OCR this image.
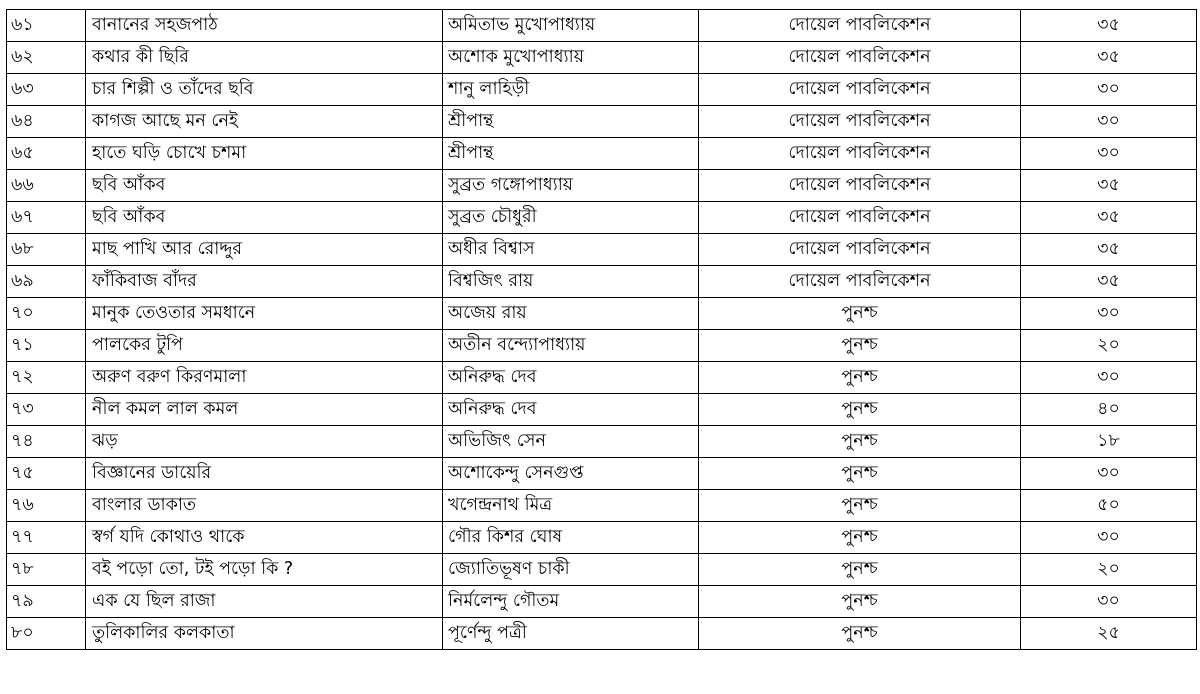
৬১	বানানের সহজপাঠ	অমিতাভ মুখোপাধ্যায়	দোয়েল পাবলিকেশন	৩৫
৬২	কথার কী ছিরি	অশোক মুখোপাধ্যায়	দোয়েল পাবলিকেশন	৩৫
৬৩	চার শিল্পী ও তাঁদের ছবি	শানু লাহিড়ী	দোয়েল পাবলিকেশন	৩০
৬৪	কাগজ আছে মন নেই	শ্রীপান্থ	দোয়েল পাবলিকেশন	৩০
৬৫	হাতে ঘড়ি চোখে চশমা	শ্রীপান্থ	দোয়েল পাবলিকেশন	৩০
৬৬	ছবি আঁকব	সুব্রত গঙ্গোপাধ্যায়	দোয়েল পাবলিকেশন	৩৫
৬৭	ছবি আঁকব	সুব্রত চৌধুরী	দোয়েল পাবলিকেশন	৩৫
৬৮	মাছ পাখি আর রোদ্দুর	অধীর বিশ্বাস	দোয়েল পাবলিকেশন	৩৫
৬৯	ফাঁকিবাজ বাঁদর	বিশ্বজিৎ রায়	দোয়েল পাবলিকেশন	৩৫
৭০	মানুক তেওতার সমধানে	অজেয় রায়	পুনশ্চ	৩০
৭১	পালকের টুপি	অতীন বন্দ্যোপাধ্যায়	পুনশ্চ	২০
৭২	অরুণ বরুণ কিরণমালা	অনিরুদ্ধ দেব	পুনশ্চ	৩০
৭৩	নীল কমল লাল কমল	অনিরুদ্ধ দেব	পুনশ্চ	৪০
৭৪	ঝড়	অভিজিৎ সেন	পুনশ্চ	১৮
৭৫	বিজ্ঞানের ডায়েরি	অশোকেন্দু সেনগুপ্ত	পুনশ্চ	৩০
৭৬	বাংলার ডাকাত	খগেন্দ্রনাথ মিত্র	পুনশ্চ	৫০
৭৭	স্বর্গ যদি কোথাও থাকে	গৌর কিশর ঘোষ	পুনশ্চ	৩০
৭৮	বই পড়ো তো, টই পড়ো কি ?	জ্যোতিভূষণ চাকী	পুনশ্চ	২০
৭৯	এক যে ছিল রাজা	নির্মলেন্দু গৌতম	পুনশ্চ	৩০
৮০	তুলিকালির কলকাতা	পূর্ণেন্দু পত্রী	পুনশ্চ	২৫
